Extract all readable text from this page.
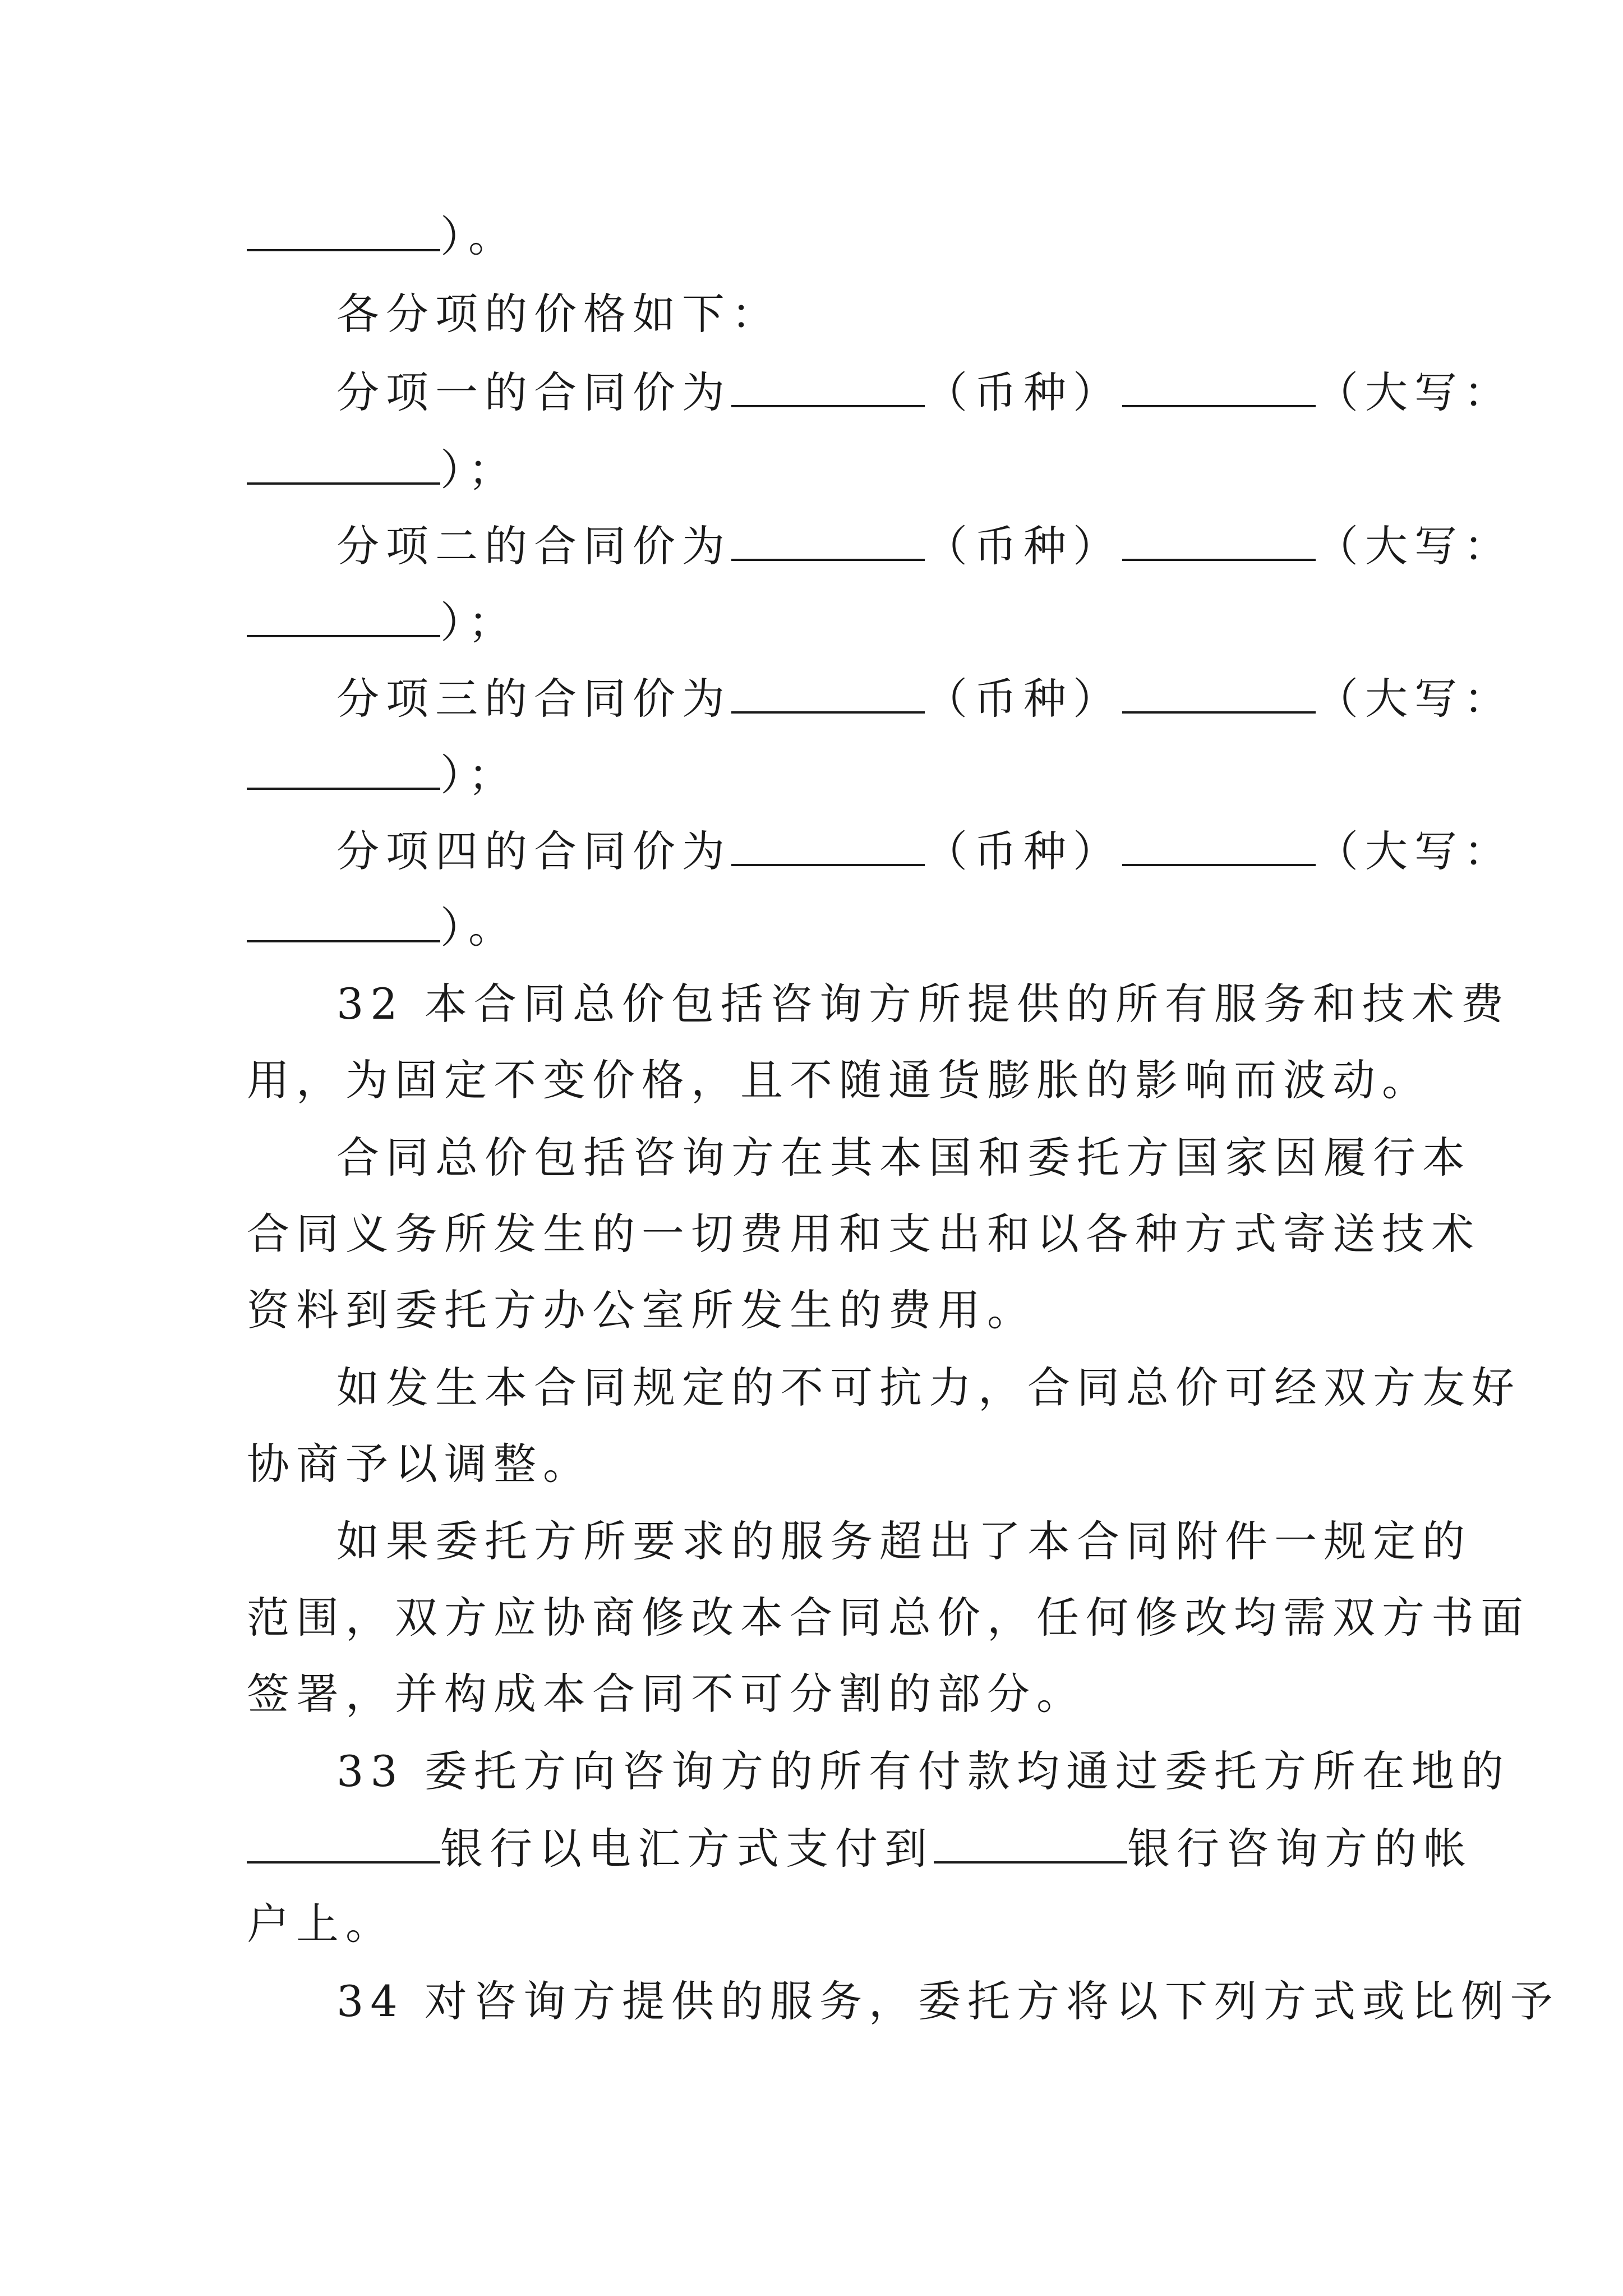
）。
各分项的价格如下：
分项一的合同价为	（币种）	（大写：
）；
分项二的合同价为	（币种）	（大写：
）；
分项三的合同价为	（币种）	（大写：
）；
分项四的合同价为	（币种）	（大写：
）。
32 本合同总价包括咨询方所提供的所有服务和技术费
用，为固定不变价格，且不随通货膨胀的影响而波动。
合同总价包括咨询方在其本国和委托方国家因履行本
合同义务所发生的一切费用和支出和以各种方式寄送技术
资料到委托方办公室所发生的费用。
如发生本合同规定的不可抗力，合同总价可经双方友好
协商予以调整。
如果委托方所要求的服务超出了本合同附件一规定的
范围，双方应协商修改本合同总价，任何修改均需双方书面
签署，并构成本合同不可分割的部分。
33 委托方向咨询方的所有付款均通过委托方所在地的
银行以电汇方式支付到	银行咨询方的帐
户上。
34 对咨询方提供的服务，委托方将以下列方式或比例予
